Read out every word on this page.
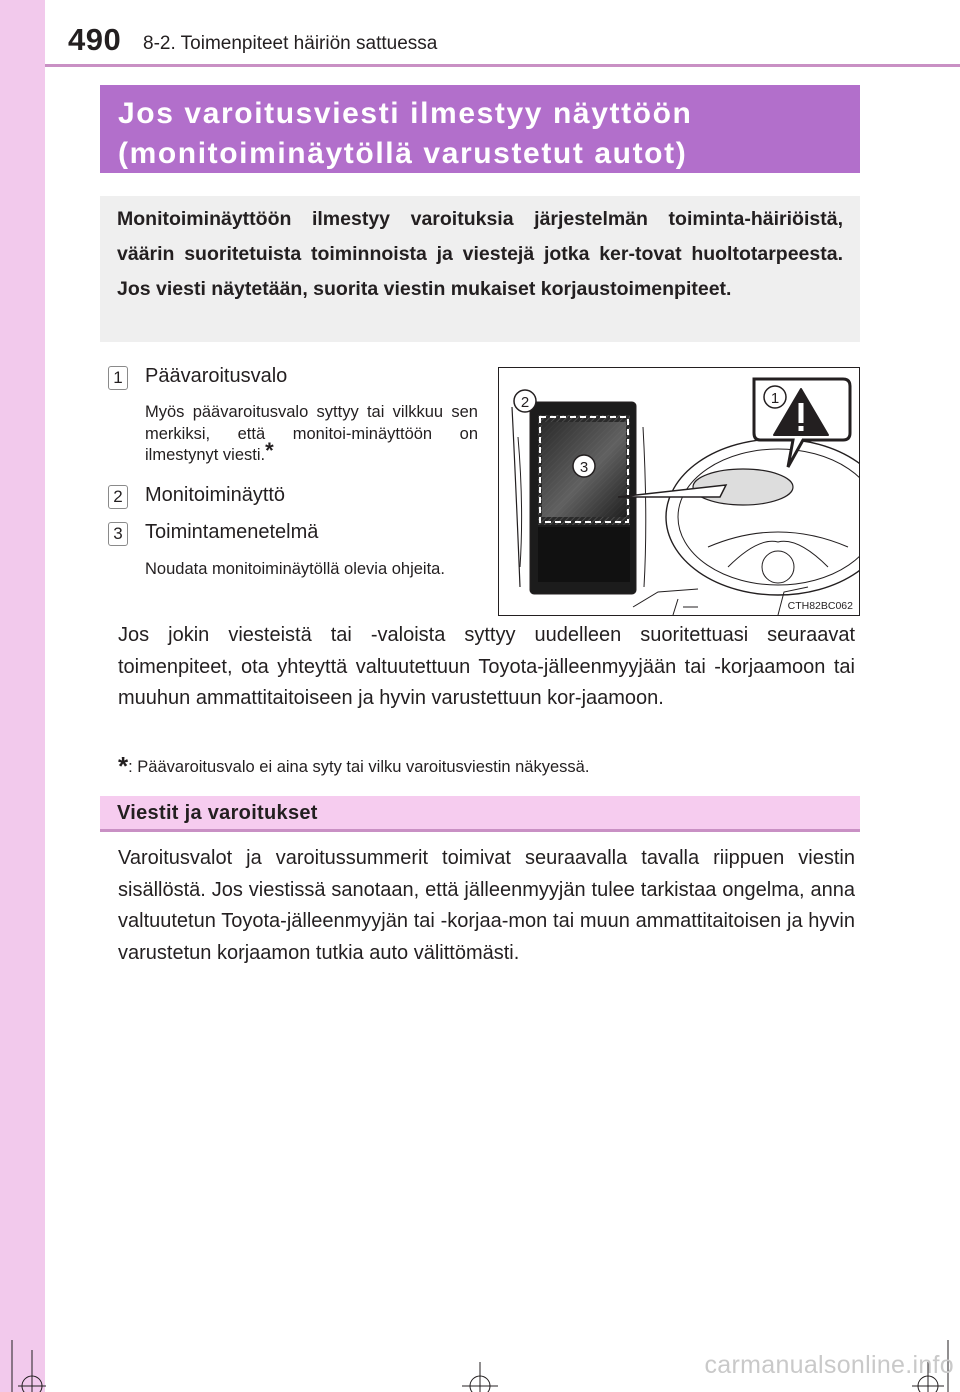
490 8-2. Toimenpiteet häiriön sattuessa
Jos varoitusviesti ilmestyy näyttöön
(monitoiminäytöllä varustetut autot)
Monitoiminäyttöön ilmestyy varoituksia järjestelmän toiminta-häiriöistä, väärin suoritetuista toiminnoista ja viestejä jotka ker-tovat huoltotarpeesta. Jos viesti näytetään, suorita viestin mukaiset korjaustoimenpiteet.
1 Päävaroitusvalo
Myös päävaroitusvalo syttyy tai vilkkuu sen merkiksi, että monitoi-minäyttöön on ilmestynyt viesti.*
2 Monitoiminäyttö
3 Toimintamenetelmä
Noudata monitoiminäytöllä olevia ohjeita.
1
2
3
CTH82BC062
Jos jokin viesteistä tai -valoista syttyy uudelleen suoritettuasi seuraavat toimenpiteet, ota yhteyttä valtuutettuun Toyota-jälleenmyyjään tai -korjaamoon tai muuhun ammattitaitoiseen ja hyvin varustettuun kor-jaamoon.
*: Päävaroitusvalo ei aina syty tai vilku varoitusviestin näkyessä.
Viestit ja varoitukset
Varoitusvalot ja varoitussummerit toimivat seuraavalla tavalla riippuen viestin sisällöstä. Jos viestissä sanotaan, että jälleenmyyjän tulee tarkistaa ongelma, anna valtuutetun Toyota-jälleenmyyjän tai -korjaa-mon tai muun ammattitaitoisen ja hyvin varustetun korjaamon tutkia auto välittömästi.
carmanualsonline.info
